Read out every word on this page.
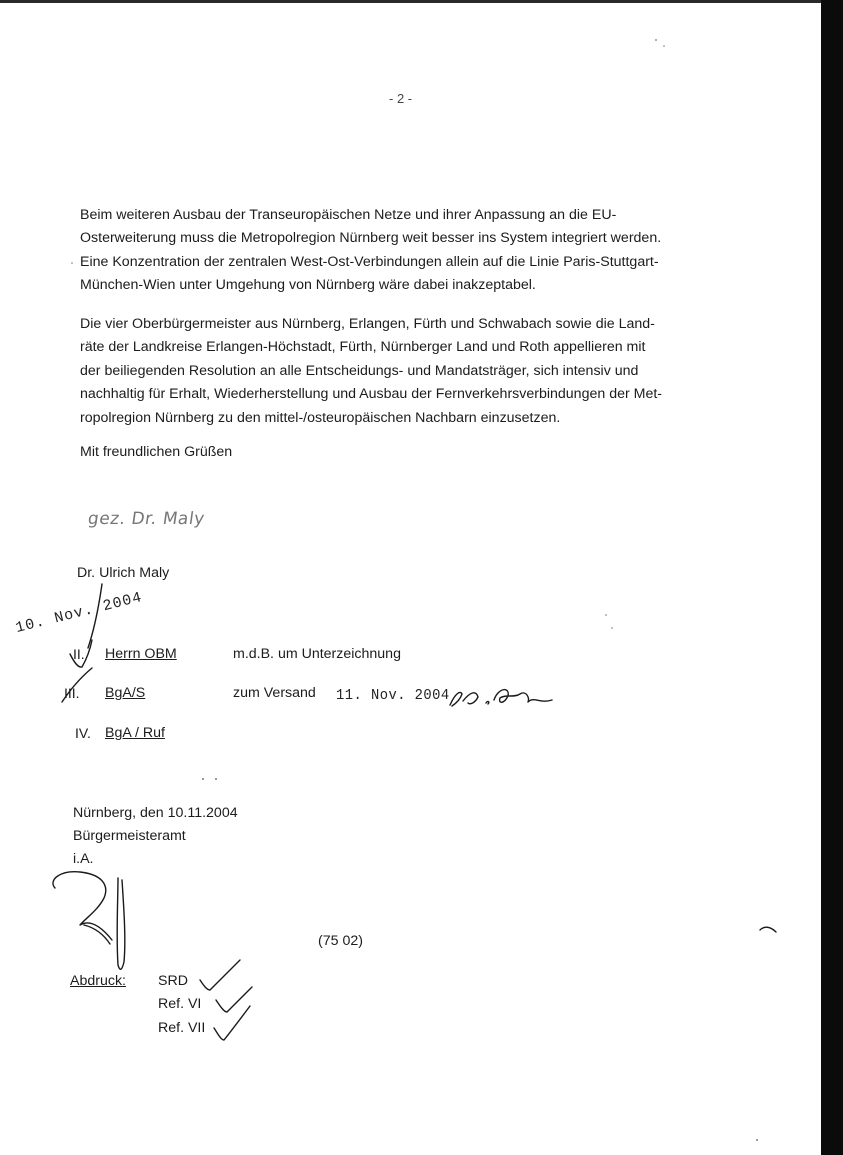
- 2 -
Beim weiteren Ausbau der Transeuropäischen Netze und ihrer Anpassung an die EU-
Osterweiterung muss die Metropolregion Nürnberg weit besser ins System integriert werden.
Eine Konzentration der zentralen West-Ost-Verbindungen allein auf die Linie Paris-Stuttgart-
München-Wien unter Umgehung von Nürnberg wäre dabei inakzeptabel.
Die vier Oberbürgermeister aus Nürnberg, Erlangen, Fürth und Schwabach sowie die Land-
räte der Landkreise Erlangen-Höchstadt, Fürth, Nürnberger Land und Roth appellieren mit
der beiliegenden Resolution an alle Entscheidungs- und Mandatsträger, sich intensiv und
nachhaltig für Erhalt, Wiederherstellung und Ausbau der Fernverkehrsverbindungen der Met-
ropolregion Nürnberg zu den mittel-/osteuropäischen Nachbarn einzusetzen.
Mit freundlichen Grüßen
gez. Dr. Maly
Dr. Ulrich Maly
10. Nov. 2004
II. Herrn OBM	m.d.B. um Unterzeichnung
III. BgA/S	zum Versand 11. Nov. 2004
IV. BgA / Ruf
Nürnberg, den 10.11.2004
Bürgermeisteramt
i.A.
(75 02)
Abdruck: SRD
Ref. VI
Ref. VII
